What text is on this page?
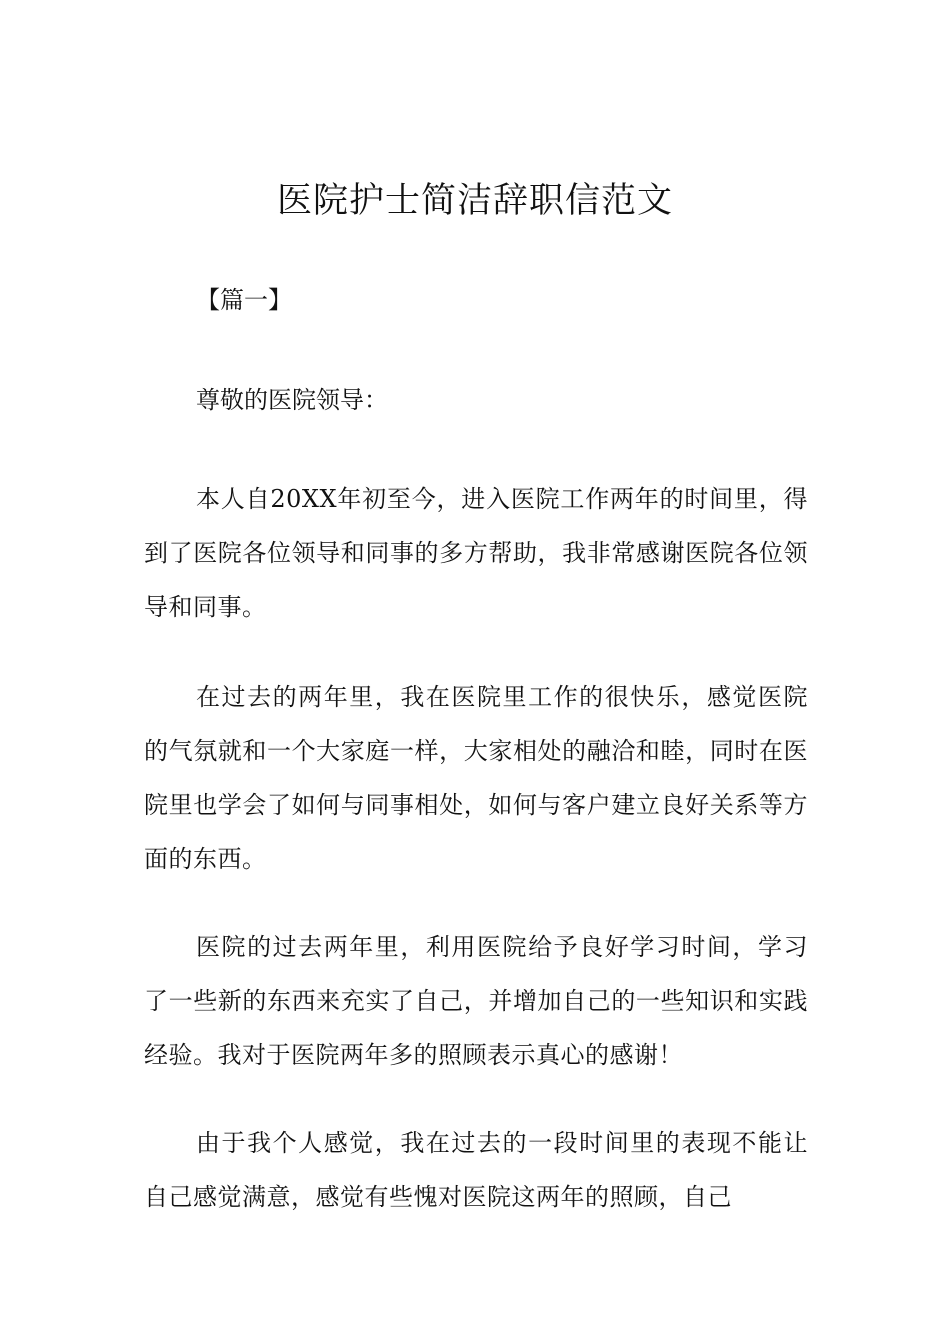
医院护士简洁辞职信范文

【篇一】

尊敬的医院领导：

本人自20XX年初至今，进入医院工作两年的时间里，得到了医院各位领导和同事的多方帮助，我非常感谢医院各位领导和同事。

在过去的两年里，我在医院里工作的很快乐，感觉医院的气氛就和一个大家庭一样，大家相处的融洽和睦，同时在医院里也学会了如何与同事相处，如何与客户建立良好关系等方面的东西。

医院的过去两年里，利用医院给予良好学习时间，学习了一些新的东西来充实了自己，并增加自己的一些知识和实践经验。我对于医院两年多的照顾表示真心的感谢！

由于我个人感觉，我在过去的一段时间里的表现不能让自己感觉满意，感觉有些愧对医院这两年的照顾，自己
